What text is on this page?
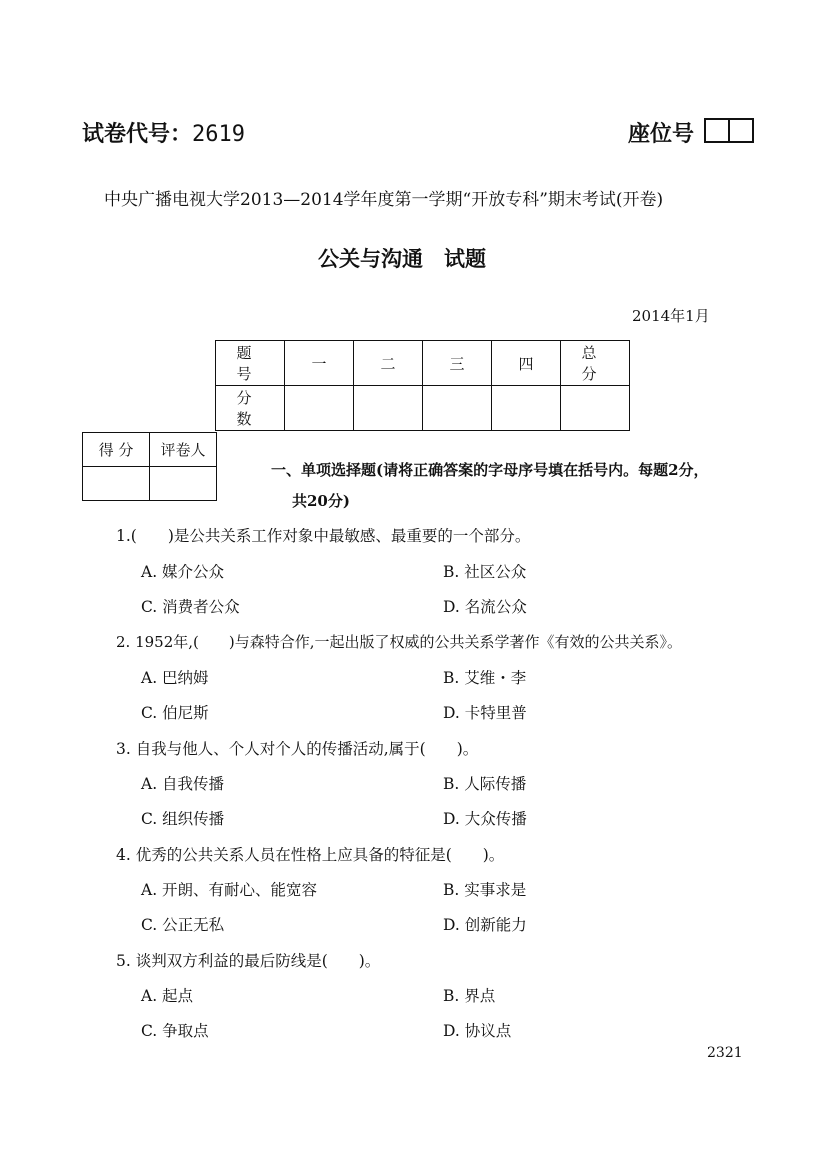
试卷代号：2619	座位号
中央广播电视大学2013—2014学年度第一学期“开放专科”期末考试(开卷)
公关与沟通　试题
2014年1月
题 号	一	二	三	四	总 分
分 数					
得 分	评卷人

一、单项选择题(请将正确答案的字母序号填在括号内。每题2分，
共20分)
1.(　　)是公共关系工作对象中最敏感、最重要的一个部分。
A. 媒介公众	B. 社区公众
C. 消费者公众	D. 名流公众
2. 1952年,(　　)与森特合作,一起出版了权威的公共关系学著作《有效的公共关系》。
A. 巴纳姆	B. 艾维・李
C. 伯尼斯	D. 卡特里普
3. 自我与他人、个人对个人的传播活动,属于(　　)。
A. 自我传播	B. 人际传播
C. 组织传播	D. 大众传播
4. 优秀的公共关系人员在性格上应具备的特征是(　　)。
A. 开朗、有耐心、能宽容	B. 实事求是
C. 公正无私	D. 创新能力
5. 谈判双方利益的最后防线是(　　)。
A. 起点	B. 界点
C. 争取点	D. 协议点
2321
